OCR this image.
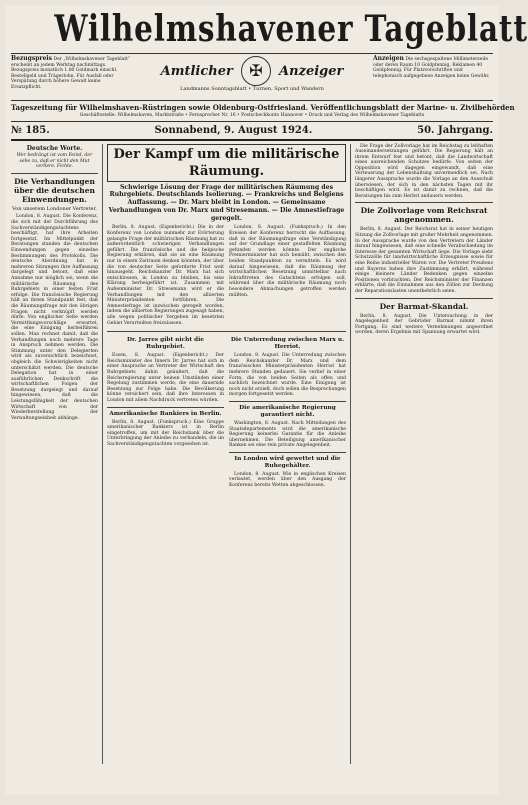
Wilhelmshavener Tageblatt
Bezugspreis Der „Wilhelmshavener Tageblatt“ erscheint an jedem Werktag nachmittags. Bezugspreis monatlich 1.80 Goldmark einschl. Bestellgeld und Trägerlohn. Für Ausfall oder Verspätung durch höhere Gewalt keine Ersatzpflicht.
Amtlicher ✠ Anzeiger
Landmanns Sonntagsblatt • Turnen, Sport und Wandern
Anzeigen Die sechsgespaltene Millimeterzeile oder deren Raum 10 Goldpfennig, Reklamen 40 Goldpfennig. Für Platzvorschriften und telephonisch aufgegebene Anzeigen keine Gewähr.
Tageszeitung für Wilhelmshaven-Rüstringen sowie Oldenburg-Ostfriesland. Veröffentlichungsblatt der Marine- u. Zivilbehörden
Geschäftsstelle: Wilhelmshaven, Marktstraße • Fernsprecher Nr. 16 • Postscheckkonto Hannover • Druck und Verlag des Wilhelmshavener Tageblatts
№ 185.	Sonnabend, 9. August 1924.	50. Jahrgang.
Deutsche Worte.
Wer bedrängt ist vom Feind, der sehe zu, daß er nicht den Mut verliere. Fichte.
Die Verhandlungen über die deutschen Einwendungen.
Von unserem Londoner Vertreter.

London, 8. August. Die Konferenz, die sich mit der Durchführung des Sachverständigengutachtens beschäftigt, hat ihre Arbeiten fortgesetzt. Im Mittelpunkt der Beratungen standen die deutschen Einwendungen gegen einzelne Bestimmungen des Protokolls. Die deutsche Abordnung hat in mehreren Sitzungen ihre Auffassung dargelegt und betont, daß eine Annahme nur möglich sei, wenn die militärische Räumung des Ruhrgebiets in einer festen Frist erfolge. Die französische Regierung hält an ihrem Standpunkt fest, daß die Räumungsfrage mit den übrigen Fragen nicht verknüpft werden dürfe. Von englischer Seite werden Vermittlungsvorschläge erwartet, die eine Einigung herbeiführen sollen. Man rechnet damit, daß die Verhandlungen noch mehrere Tage in Anspruch nehmen werden. Die Stimmung unter den Delegierten wird als zuversichtlich bezeichnet, obgleich die Schwierigkeiten nicht unterschätzt werden. Die deutsche Delegation hat in einer ausführlichen Denkschrift die wirtschaftlichen Folgen der Besetzung dargelegt und darauf hingewiesen, daß die Leistungsfähigkeit der deutschen Wirtschaft von der Wiederherstellung der Verwaltungseinheit abhänge.

Der Kampf um die militärische Räumung.
Schwierige Lösung der Frage der militärischen Räumung des Ruhrgebiets. Deutschlands Isolierung. — Frankreichs und Belgiens Auffassung. — Dr. Marx bleibt in London. — Gemeinsame Verhandlungen von Dr. Marx und Stresemann. — Die Amnestiefrage geregelt.

Berlin, 8. August. (Eigenbericht.) Die in der Konferenz von London nunmehr zur Erörterung gelangte Frage der militärischen Räumung hat zu außerordentlich schwierigen Verhandlungen geführt. Die französische und die belgische Regierung erklären, daß sie an eine Räumung nur in einem Zeitraum denken könnten, der über die von deutscher Seite geforderte Frist weit hinausgeht. Reichskanzler Dr. Marx hat sich entschlossen, in London zu bleiben, bis eine Klärung herbeigeführt ist. Zusammen mit Außenminister Dr. Stresemann wird er die Verhandlungen mit den alliierten Ministerpräsidenten fortführen. Die Amnestiefrage ist inzwischen geregelt worden, indem die alliierten Regierungen zugesagt haben, alle wegen politischer Vergehen im besetzten Gebiet Verurteilten freizulassen.

London, 8. August. (Funkspruch.) In den Kreisen der Konferenz herrscht die Auffassung, daß in der Räumungsfrage eine Verständigung auf der Grundlage einer gestaffelten Räumung gefunden werden könnte. Der englische Premierminister hat sich bemüht, zwischen den beiden Standpunkten zu vermitteln. Es wird darauf hingewiesen, daß die Räumung der wirtschaftlichen Besetzung unmittelbar nach Inkrafttreten des Gutachtens erfolgen soll, während über die militärische Räumung noch besondere Abmachungen getroffen werden müßten.

Dr. Jarres gibt nicht die Ruhrgebiet.

Essen, 8. August. (Eigenbericht.) Der Reichsminister des Innern Dr. Jarres hat sich in einer Ansprache an Vertreter der Wirtschaft des Ruhrgebiets dahin geäußert, daß die Reichsregierung unter keinen Umständen einer Regelung zustimmen werde, die eine dauernde Besetzung zur Folge habe. Die Bevölkerung könne versichert sein, daß ihre Interessen in London mit allem Nachdruck vertreten würden.

Amerikanische Bankiers in Berlin.

Berlin, 8. August. (Funkspruch.) Eine Gruppe amerikanischer Bankiers ist in Berlin eingetroffen, um mit der Reichsbank über die Unterbringung der Anleihe zu verhandeln, die im Sachverständigengutachten vorgesehen ist.

Die Unterredung zwischen Marx u. Herriot.

London, 8. August. Die Unterredung zwischen dem Reichskanzler Dr. Marx und dem französischen Ministerpräsidenten Herriot hat mehrere Stunden gedauert. Sie verlief in einer Form, die von beiden Seiten als offen und sachlich bezeichnet wurde. Eine Einigung ist noch nicht erzielt, doch sollen die Besprechungen morgen fortgesetzt werden.

Die amerikanische Regierung garantiert nicht.

Washington, 8. August. Nach Mitteilungen des Staatsdepartements wird die amerikanische Regierung keinerlei Garantie für die Anleihe übernehmen. Die Beteiligung amerikanischer Banken sei eine rein private Angelegenheit.

In London wird gewettet und die Ruhegehälter.

London, 8. August. Wie in englischen Kreisen verlautet, werden über den Ausgang der Konferenz bereits Wetten abgeschlossen.

Die Frage der Zollvorlage hat im Reichstag zu lebhaften Auseinandersetzungen geführt. Die Regierung hält an ihrem Entwurf fest und betont, daß die Landwirtschaft eines ausreichenden Schutzes bedürfe. Von seiten der Opposition wird dagegen eingewandt, daß eine Verteuerung der Lebenshaltung unvermeidlich sei. Nach längerer Aussprache wurde die Vorlage an den Ausschuß überwiesen, der sich in den nächsten Tagen mit ihr beschäftigen wird. Es ist damit zu rechnen, daß die Beratungen bis zum Herbst andauern werden.

Die Zollvorlage vom Reichsrat angenommen.

Berlin, 8. August. Der Reichsrat hat in seiner heutigen Sitzung die Zollvorlage mit großer Mehrheit angenommen. In der Aussprache wurde von den Vertretern der Länder darauf hingewiesen, daß eine schnelle Verabschiedung im Interesse der gesamten Wirtschaft liege. Die Vorlage sieht Schutzzölle für landwirtschaftliche Erzeugnisse sowie für eine Reihe industrieller Waren vor. Die Vertreter Preußens und Bayerns haben ihre Zustimmung erklärt, während einige kleinere Länder Bedenken gegen einzelne Positionen vorbrachten. Der Reichsminister der Finanzen erklärte, daß die Einnahmen aus den Zöllen zur Deckung der Reparationslasten unentbehrlich seien.

Der Barmat-Skandal.

Berlin, 8. August. Die Untersuchung in der Angelegenheit der Gebrüder Barmat nimmt ihren Fortgang. Es sind weitere Vernehmungen angeordnet worden, deren Ergebnis mit Spannung erwartet wird.
